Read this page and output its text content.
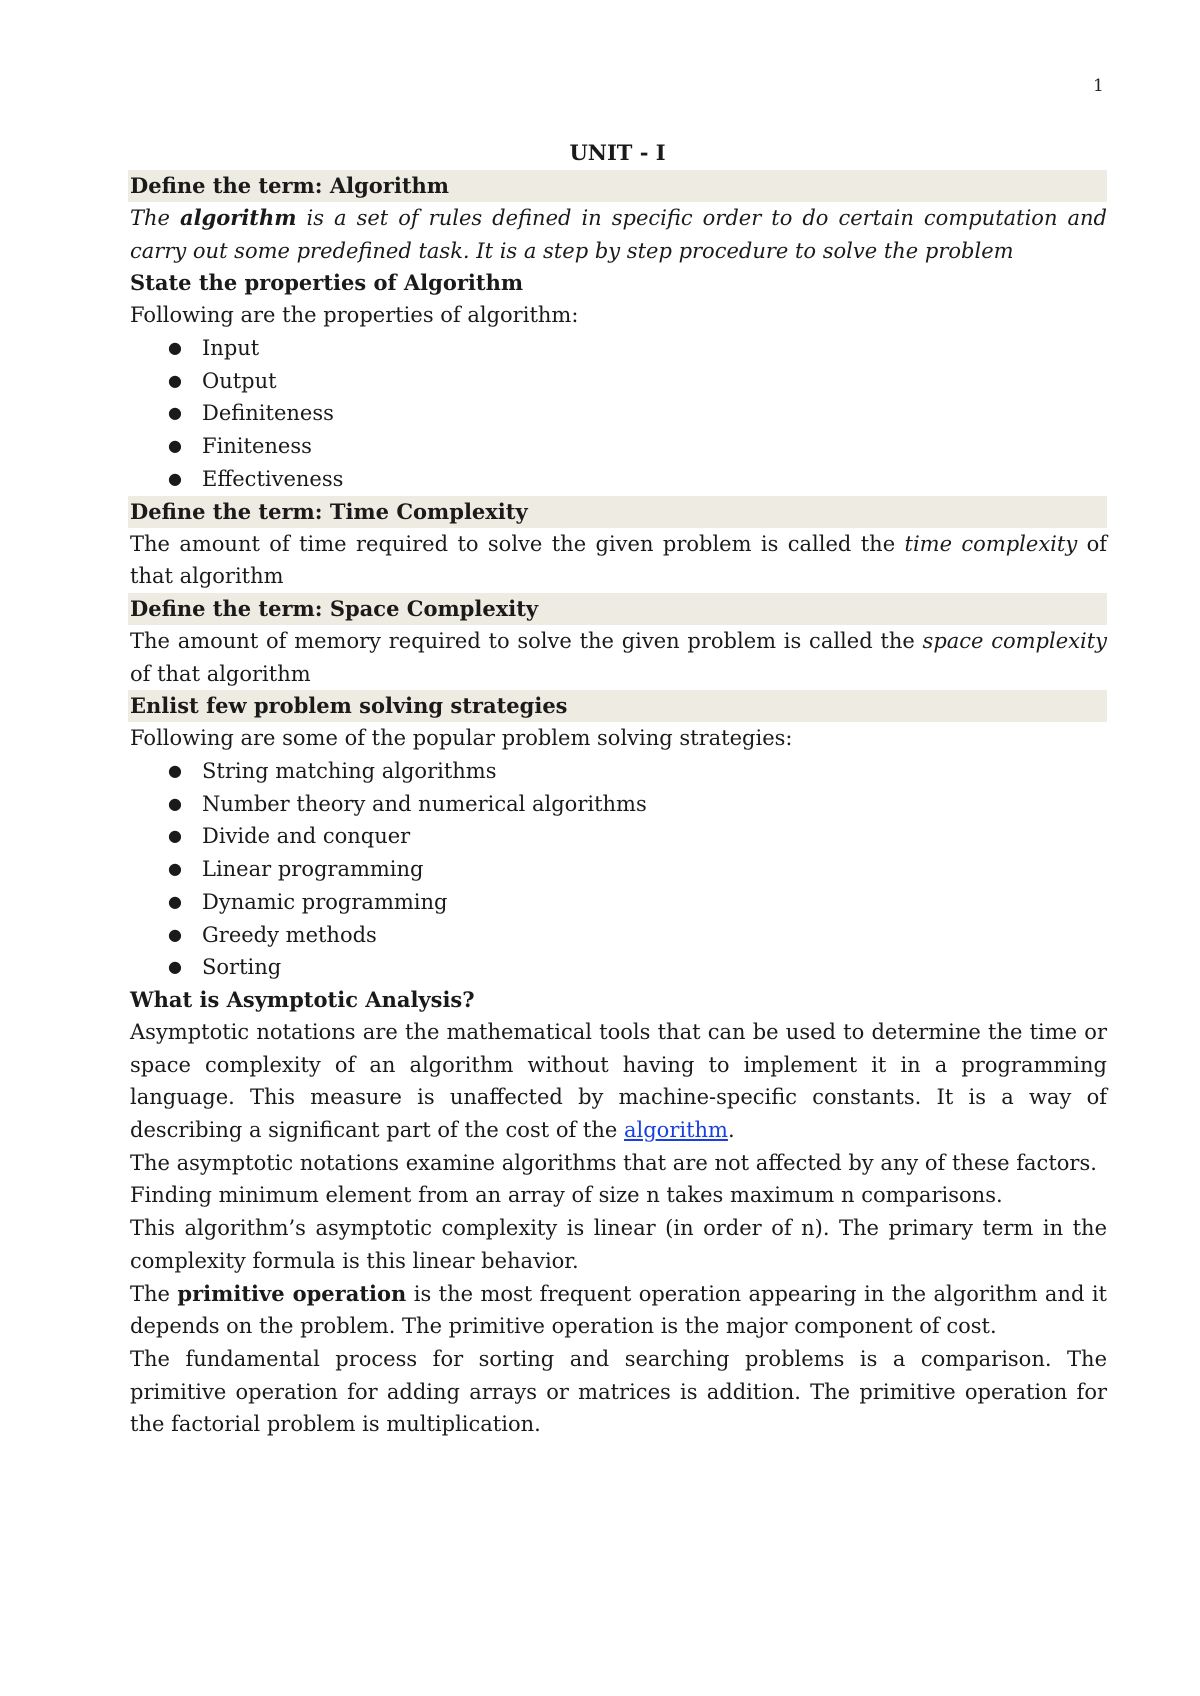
1
UNIT - I
Define the term: Algorithm

The algorithm is a set of rules defined in specific order to do certain computation and carry out some predefined task. It is a step by step procedure to solve the problem

State the properties of Algorithm

Following are the properties of algorithm:

● Input
● Output
● Definiteness
● Finiteness
● Effectiveness
Define the term: Time Complexity

The amount of time required to solve the given problem is called the time complexity of that algorithm

Define the term: Space Complexity

The amount of memory required to solve the given problem is called the space complexity of that algorithm

Enlist few problem solving strategies

Following are some of the popular problem solving strategies:

● String matching algorithms
● Number theory and numerical algorithms
● Divide and conquer
● Linear programming
● Dynamic programming
● Greedy methods
● Sorting
What is Asymptotic Analysis?

Asymptotic notations are the mathematical tools that can be used to determine the time or space complexity of an algorithm without having to implement it in a programming language. This measure is unaffected by machine-specific constants. It is a way of describing a significant part of the cost of the algorithm.

The asymptotic notations examine algorithms that are not affected by any of these factors.

Finding minimum element from an array of size n takes maximum n comparisons.

This algorithm’s asymptotic complexity is linear (in order of n). The primary term in the complexity formula is this linear behavior.

The primitive operation is the most frequent operation appearing in the algorithm and it depends on the problem. The primitive operation is the major component of cost.

The fundamental process for sorting and searching problems is a comparison. The primitive operation for adding arrays or matrices is addition. The primitive operation for the factorial problem is multiplication.
